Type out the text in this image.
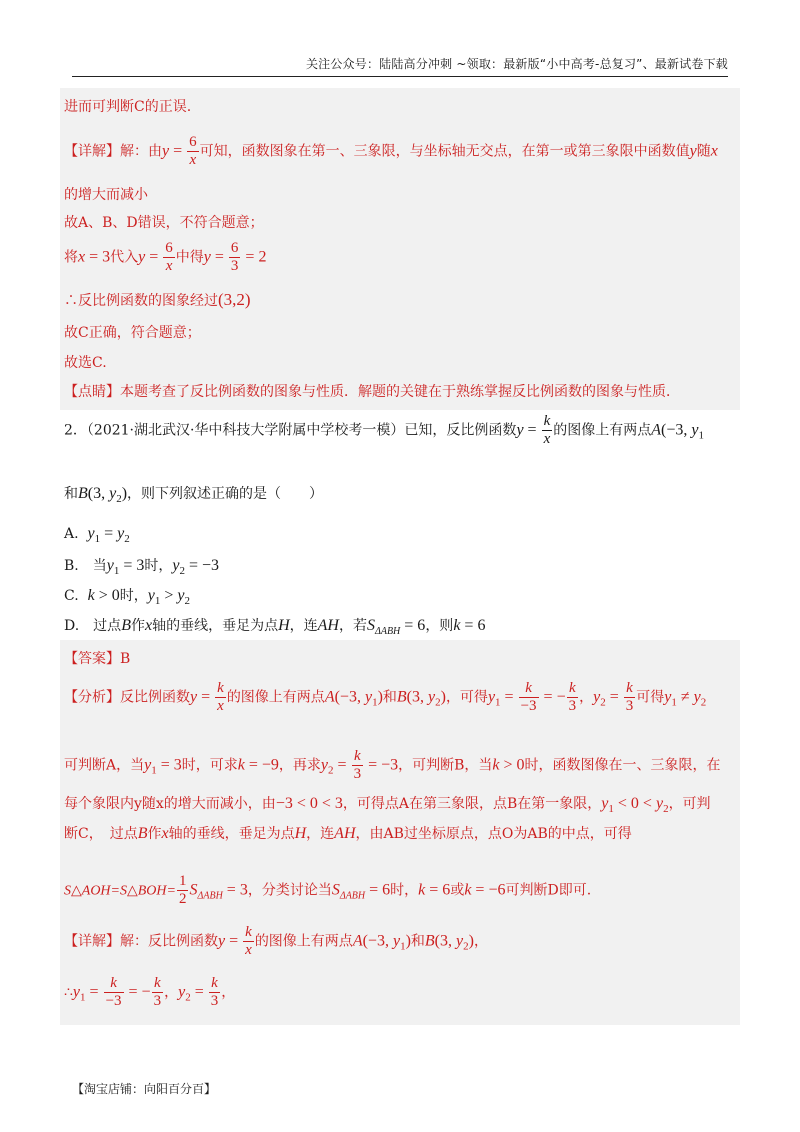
关注公众号：陆陆高分冲刺 ~领取：最新版“小中高考-总复习”、最新试卷下载
进而可判断C的正误.
【详解】解：由$y = \frac{6}{x}$ 可知，函数图象在第一、三象限，与坐标轴无交点，在第一或第三象限中函数值y随x
的增大而减小
故A、B、D错误，不符合题意；
将x = 3代入$y = \frac{6}{x}$ 中得$y = \frac{6}{3} = 2$
∴反比例函数的图象经过(3,2)
故C正确，符合题意；
故选C.
【点睛】本题考查了反比例函数的图象与性质．解题的关键在于熟练掌握反比例函数的图象与性质．
2．（2021·湖北武汉·华中科技大学附属中学校考一模）已知，反比例函数$y = \frac{k}{x}$ 的图像上有两点A(−3, $y_1$
和B(3, $y_2$)，则下列叙述正确的是（　　）
A. $y_1 = y_2$
B.　当$y_1 = 3$时，$y_2 = -3$
C. k > 0时，$y_1 > y_2$
D.　过点B作x轴的垂线，垂足为点H，连AH，若$S_{\Delta ABH} = 6$，则k = 6
【答案】B
【分析】反比例函数$y = \frac{k}{x}$ 的图像上有两点A(−3, $y_1$)和B(3, $y_2$)，可得$y_1 = \frac{k}{-3}$ = − $\frac{k}{3}$ ，$y_2 = \frac{k}{3}$ 可得$y_1 \ne y_2$
可判断A，当$y_1 = 3$时，可求k = −9，再求$y_2 = \frac{k}{3} = -3$，可判断B，当k > 0时，函数图像在一、三象限，在
每个象限内y随x的增大而减小，由−3 < 0 < 3，可得点A在第三象限，点B在第一象限，$y_1 < 0 < y_2$，可判
断C，　过点B作x轴的垂线，垂足为点H，连AH，由AB过坐标原点，点O为AB的中点，可得
S△AOH=S△BOH= $\frac{1}{2} S_{\Delta ABH} = 3$，分类讨论当$S_{\Delta ABH} = 6$时，k = 6或k = −6可判断D即可.
【详解】解：反比例函数$y = \frac{k}{x}$ 的图像上有两点A(−3, $y_1$)和B(3, $y_2$)，
$\therefore y_1 = \frac{k}{-3}$ = − $\frac{k}{3}$ ，$y_2 = \frac{k}{3}$ ，
【淘宝店铺：向阳百分百】
